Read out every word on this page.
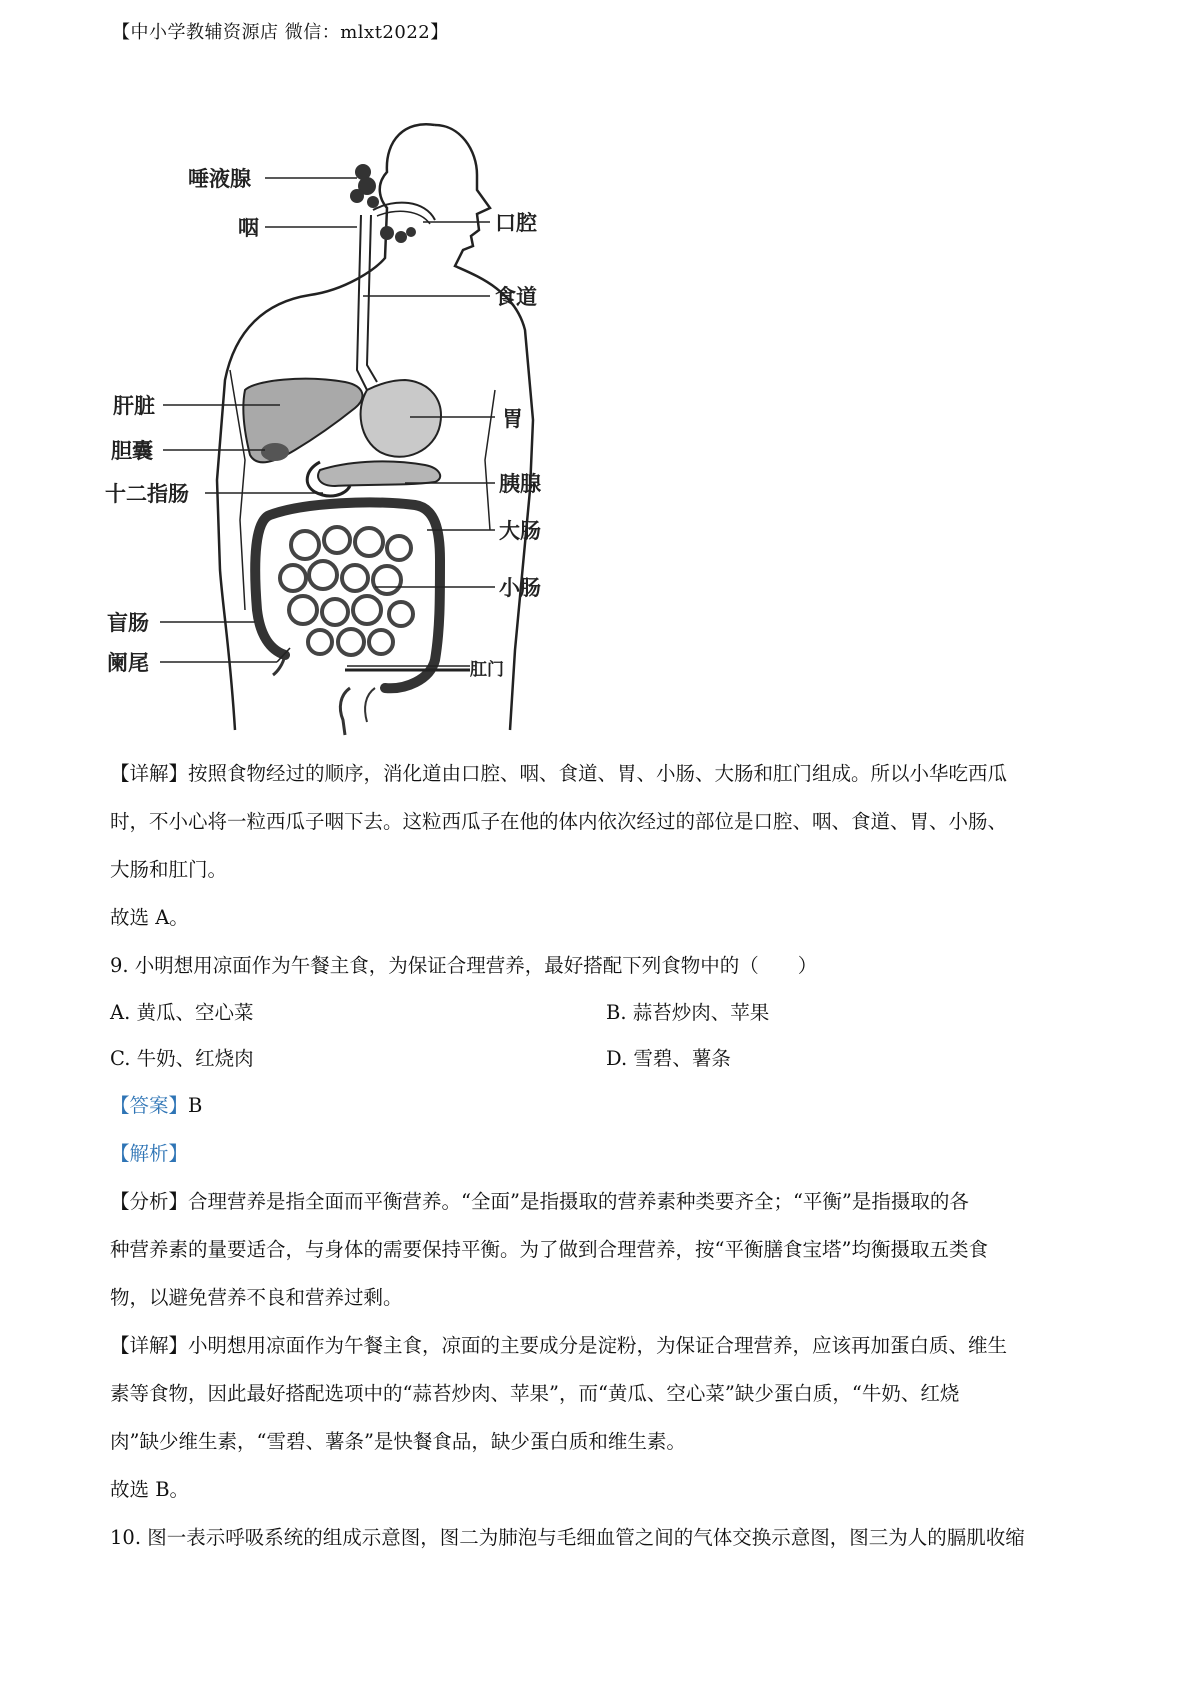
【中小学教辅资源店 微信：mlxt2022】
唾液腺
咽	口腔
食道
肝脏
胃
胆囊
十二指肠	胰腺
大肠
小肠
盲肠
阑尾	肛门

【详解】按照食物经过的顺序，消化道由口腔、咽、食道、胃、小肠、大肠和肛门组成。所以小华吃西瓜

时，不小心将一粒西瓜子咽下去。这粒西瓜子在他的体内依次经过的部位是口腔、咽、食道、胃、小肠、

大肠和肛门。

故选 A。

9. 小明想用凉面作为午餐主食，为保证合理营养，最好搭配下列食物中的（　　）

A. 黄瓜、空心菜	B. 蒜苔炒肉、苹果
C. 牛奶、红烧肉	D. 雪碧、薯条

【答案】B

【解析】

【分析】合理营养是指全面而平衡营养。“全面”是指摄取的营养素种类要齐全；“平衡”是指摄取的各

种营养素的量要适合，与身体的需要保持平衡。为了做到合理营养，按“平衡膳食宝塔”均衡摄取五类食

物，以避免营养不良和营养过剩。

【详解】小明想用凉面作为午餐主食，凉面的主要成分是淀粉，为保证合理营养，应该再加蛋白质、维生

素等食物，因此最好搭配选项中的“蒜苔炒肉、苹果”，而“黄瓜、空心菜”缺少蛋白质，“牛奶、红烧

肉”缺少维生素，“雪碧、薯条”是快餐食品，缺少蛋白质和维生素。

故选 B。

10. 图一表示呼吸系统的组成示意图，图二为肺泡与毛细血管之间的气体交换示意图，图三为人的膈肌收缩
